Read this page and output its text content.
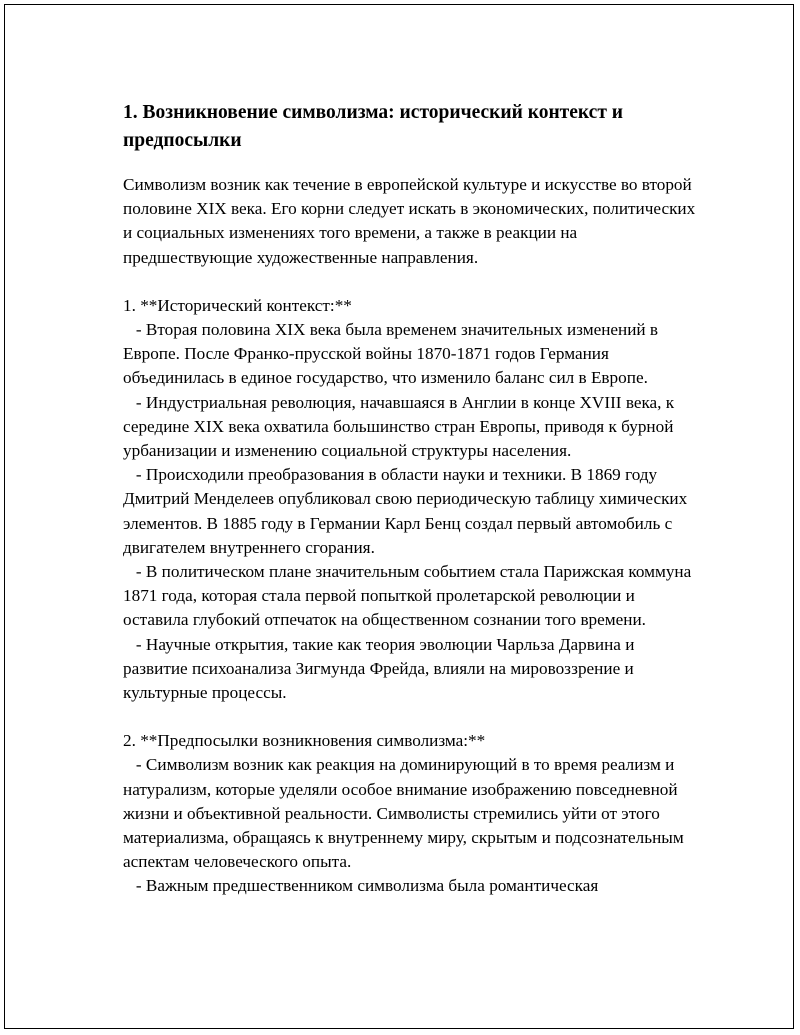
1. Возникновение символизма: исторический контекст и предпосылки

Символизм возник как течение в европейской культуре и искусстве во второй половине XIX века. Его корни следует искать в экономических, политических и социальных изменениях того времени, а также в реакции на предшествующие художественные направления.

1. **Исторический контекст:**

- Вторая половина XIX века была временем значительных изменений в Европе. После Франко-прусской войны 1870-1871 годов Германия объединилась в единое государство, что изменило баланс сил в Европе.

- Индустриальная революция, начавшаяся в Англии в конце XVIII века, к середине XIX века охватила большинство стран Европы, приводя к бурной урбанизации и изменению социальной структуры населения.

- Происходили преобразования в области науки и техники. В 1869 году Дмитрий Менделеев опубликовал свою периодическую таблицу химических элементов. В 1885 году в Германии Карл Бенц создал первый автомобиль с двигателем внутреннего сгорания.

- В политическом плане значительным событием стала Парижская коммуна 1871 года, которая стала первой попыткой пролетарской революции и оставила глубокий отпечаток на общественном сознании того времени.

- Научные открытия, такие как теория эволюции Чарльза Дарвина и развитие психоанализа Зигмунда Фрейда, влияли на мировоззрение и культурные процессы.

2. **Предпосылки возникновения символизма:**

- Символизм возник как реакция на доминирующий в то время реализм и натурализм, которые уделяли особое внимание изображению повседневной жизни и объективной реальности. Символисты стремились уйти от этого материализма, обращаясь к внутреннему миру, скрытым и подсознательным аспектам человеческого опыта.

- Важным предшественником символизма была романтическая
